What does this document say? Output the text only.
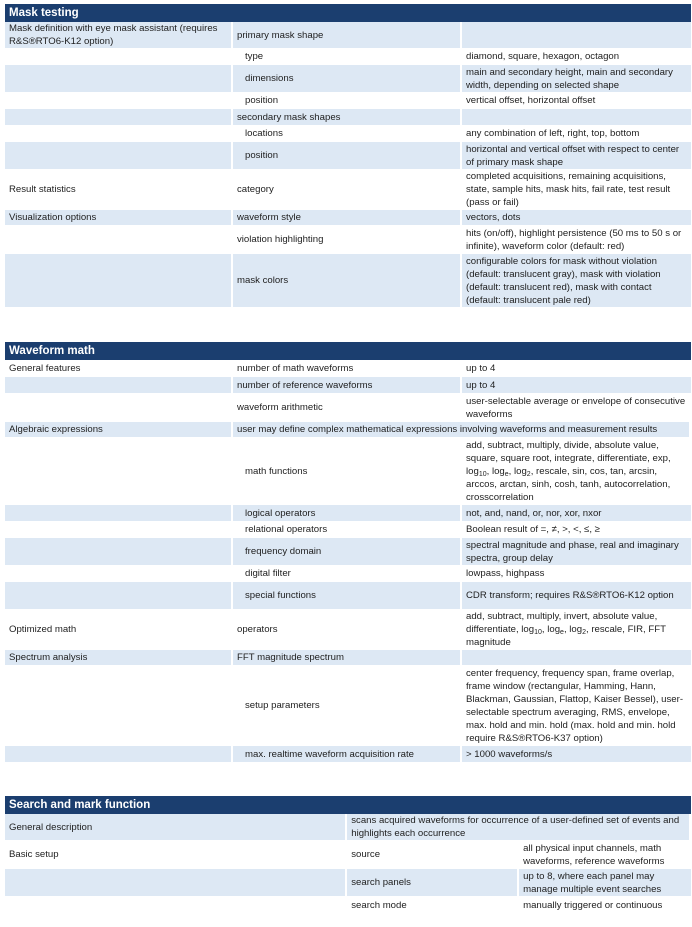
Mask testing
Mask definition with eye mask assistant (requires R&S®RTO6-K12 option)	primary mask shape	
	type	diamond, square, hexagon, octagon
	dimensions	main and secondary height, main and secondary width, depending on selected shape
	position	vertical offset, horizontal offset
	secondary mask shapes	
	locations	any combination of left, right, top, bottom
	position	horizontal and vertical offset with respect to center of primary mask shape
Result statistics	category	completed acquisitions, remaining acquisitions, state, sample hits, mask hits, fail rate, test result (pass or fail)
Visualization options	waveform style	vectors, dots
	violation highlighting	hits (on/off), highlight persistence (50 ms to 50 s or infinite), waveform color (default: red)
	mask colors	configurable colors for mask without violation (default: translucent gray), mask with violation (default: translucent red), mask with contact (default: translucent pale red)
Waveform math
General features	number of math waveforms	up to 4
	number of reference waveforms	up to 4
	waveform arithmetic	user-selectable average or envelope of consecutive waveforms
Algebraic expressions	user may define complex mathematical expressions involving waveforms and measurement results	
	math functions	add, subtract, multiply, divide, absolute value, square, square root, integrate, differentiate, exp, $\log_{10}$, $\log_e$, $\log_2$, rescale, sin, cos, tan, arcsin, arccos, arctan, sinh, cosh, tanh, autocorrelation, crosscorrelation
	logical operators	not, and, nand, or, nor, xor, nxor
	relational operators	Boolean result of =, ≠, >, <, ≤, ≥
	frequency domain	spectral magnitude and phase, real and imaginary spectra, group delay
	digital filter	lowpass, highpass
	special functions	CDR transform; requires R&S®RTO6-K12 option
Optimized math	operators	add, subtract, multiply, invert, absolute value, differentiate, $\log_{10}$, $\log_e$, $\log_2$, rescale, FIR, FFT magnitude
Spectrum analysis	FFT magnitude spectrum	
	setup parameters	center frequency, frequency span, frame overlap, frame window (rectangular, Hamming, Hann, Blackman, Gaussian, Flattop, Kaiser Bessel), user-selectable spectrum averaging, RMS, envelope, max. hold and min. hold (max. hold and min. hold require R&S®RTO6-K37 option)
	max. realtime waveform acquisition rate	> 1000 waveforms/s
Search and mark function
General description	scans acquired waveforms for occurrence of a user-defined set of events and highlights each occurrence	
Basic setup	source	all physical input channels, math waveforms, reference waveforms
	search panels	up to 8, where each panel may manage multiple event searches
	search mode	manually triggered or continuous
